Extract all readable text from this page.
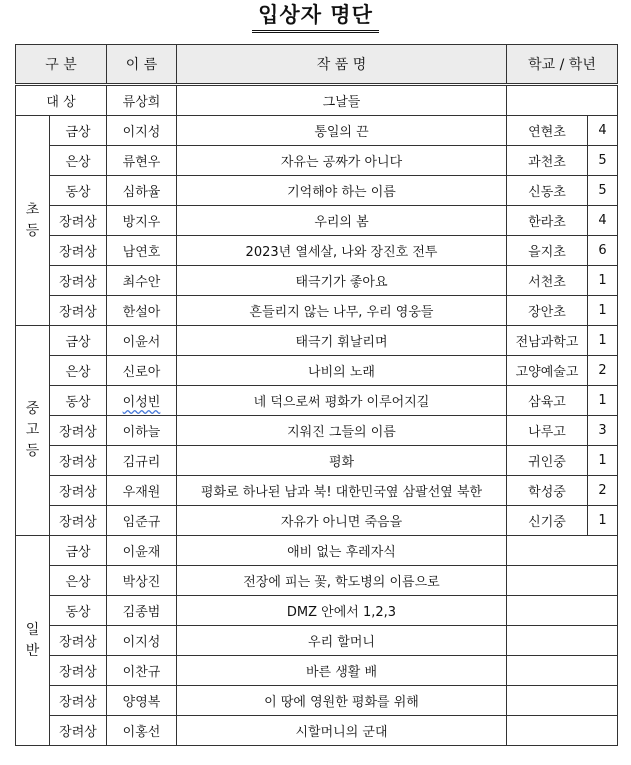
입상자 명단
구 분		이 름	작 품 명	학교 / 학년	
대 상		류상희	그날들		

초
등	금상	이지성	통일의 끈	연현초	4
	은상	류현우	자유는 공짜가 아니다	과천초	5
	동상	심하율	기억해야 하는 이름	신동초	5
	장려상	방지우	우리의 봄	한라초	4
	장려상	남연호	2023년 열세살, 나와 장진호 전투	을지초	6
	장려상	최수안	태극기가 좋아요	서천초	1
	장려상	한설아	흔들리지 않는 나무, 우리 영웅들	장안초	1

중
고
등	금상	이윤서	태극기 휘날리며	전남과학고	1
	은상	신로아	나비의 노래	고양예술고	2
	동상	이성빈	네 덕으로써 평화가 이루어지길	삼육고	1
	장려상	이하늘	지워진 그들의 이름	나루고	3
	장려상	김규리	평화	귀인중	1
	장려상	우재원	평화로 하나된 남과 북! 대한민국옆 삼팔선옆 북한	학성중	2
	장려상	임준규	자유가 아니면 죽음을	신기중	1

일
반	금상	이윤재	애비 없는 후레자식		
	은상	박상진	전장에 피는 꽃, 학도병의 이름으로		
	동상	김종범	DMZ 안에서 1,2,3		
	장려상	이지성	우리 할머니		
	장려상	이찬규	바른 생활 배		
	장려상	양영복	이 땅에 영원한 평화를 위해		
	장려상	이홍선	시할머니의 군대		
